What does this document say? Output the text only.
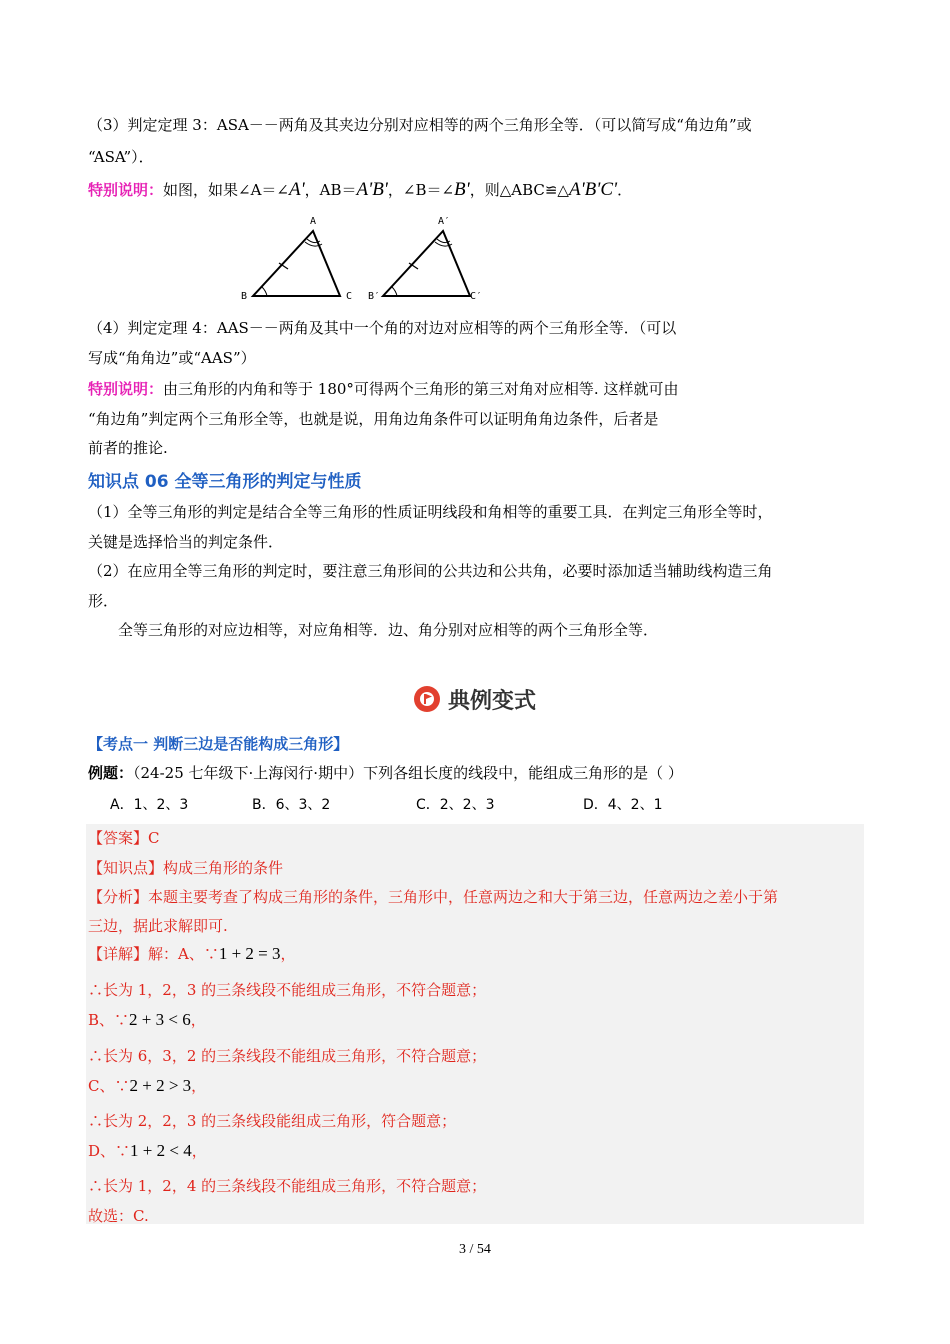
（3）判定定理 3：ASA－－两角及其夹边分别对应相等的两个三角形全等．（可以简写成“角边角”或
“ASA”）．
特别说明：如图，如果∠A＝∠A'，AB＝A'B'，∠B＝∠B'，则△ABC≌△A'B'C'．
A
B	C
A′
B′	C′
（4）判定定理 4：AAS－－两角及其中一个角的对边对应相等的两个三角形全等．（可以
写成“角角边”或“AAS”）
特别说明：由三角形的内角和等于 180°可得两个三角形的第三对角对应相等. 这样就可由
“角边角”判定两个三角形全等，也就是说，用角边角条件可以证明角角边条件，后者是
前者的推论.
知识点 06 全等三角形的判定与性质
（1）全等三角形的判定是结合全等三角形的性质证明线段和角相等的重要工具．在判定三角形全等时，
关键是选择恰当的判定条件．
（2）在应用全等三角形的判定时，要注意三角形间的公共边和公共角，必要时添加适当辅助线构造三角
形．
全等三角形的对应边相等，对应角相等．边、角分别对应相等的两个三角形全等．
典例变式
【考点一 判断三边是否能构成三角形】
例题：（24-25 七年级下·上海闵行·期中）下列各组长度的线段中，能组成三角形的是（ ）
A．1、2、3	B．6、3、2	C．2、2、3	D．4、2、1
【答案】C
【知识点】构成三角形的条件
【分析】本题主要考查了构成三角形的条件，三角形中，任意两边之和大于第三边，任意两边之差小于第
三边，据此求解即可.
【详解】解：A、∵1 + 2 = 3，
∴长为 1，2，3 的三条线段不能组成三角形，不符合题意；
B、∵2 + 3 < 6，
∴长为 6，3，2 的三条线段不能组成三角形，不符合题意；
C、∵2 + 2 > 3，
∴长为 2，2，3 的三条线段能组成三角形，符合题意；
D、∵1 + 2 < 4，
∴长为 1，2，4 的三条线段不能组成三角形，不符合题意；
故选：C.
3 / 54
